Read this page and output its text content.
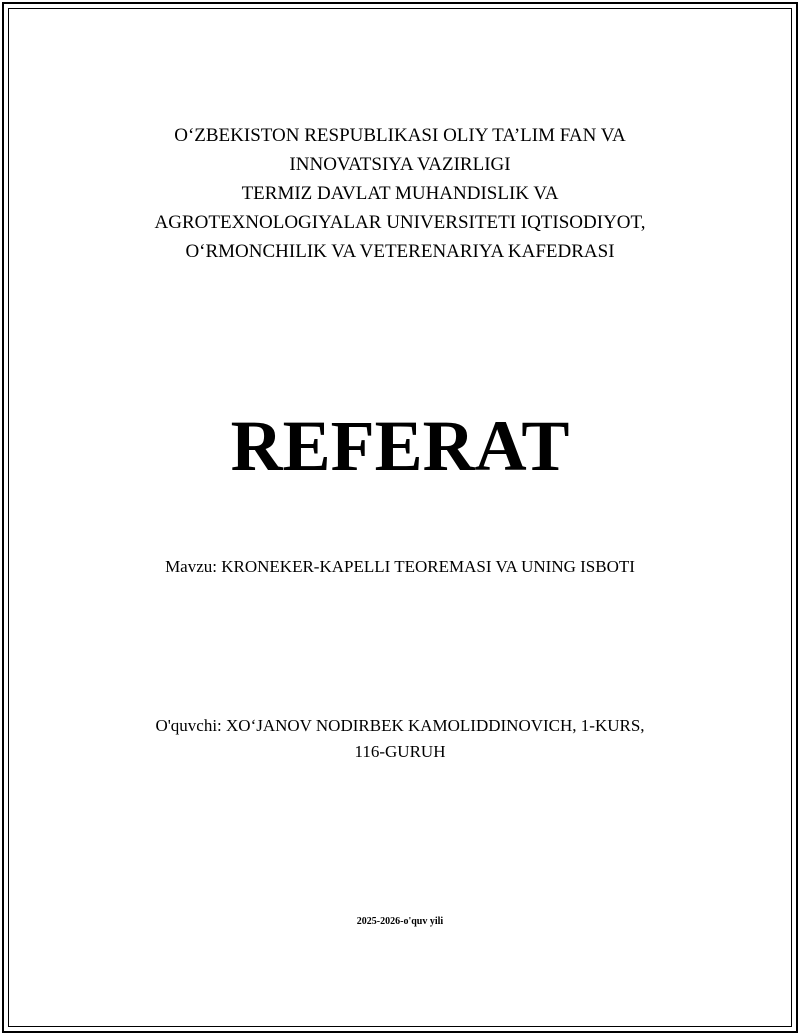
O‘ZBEKISTON RESPUBLIKASI OLIY TA’LIM FAN VA
INNOVATSIYA VAZIRLIGI
TERMIZ DAVLAT MUHANDISLIK VA
AGROTEXNOLOGIYALAR UNIVERSITETI IQTISODIYOT,
O‘RMONCHILIK VA VETERENARIYA KAFEDRASI
REFERAT
Mavzu: KRONEKER-KAPELLI TEOREMASI VA UNING ISBOTI
O'quvchi: XO‘JANOV NODIRBEK KAMOLIDDINOVICH, 1-KURS,
116-GURUH
2025-2026-o'quv yili
